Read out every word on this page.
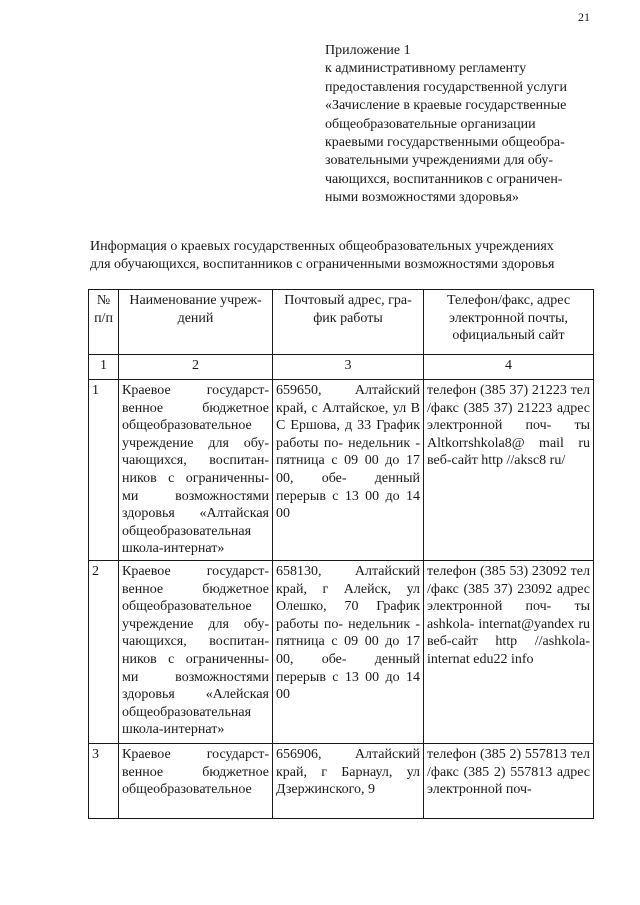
21
Приложение 1
к административному регламенту
предоставления государственной услуги
«Зачисление в краевые государственные
общеобразовательные организации
краевыми государственными общеобра-
зовательными учреждениями для обу-
чающихся, воспитанников с ограничен-
ными возможностями здоровья»
Информация о краевых государственных общеобразовательных учреждениях
для обучающихся, воспитанников с ограниченными возможностями здоровья
№ п/п	Наименование учреж- дений	Почтовый адрес, гра- фик работы	Телефон/факс, адрес электронной почты, официальный сайт
1	2	3	4
1	Краевое государст- венное бюджетное общеобразовательное учреждение для обу- чающихся, воспитан- ников с ограниченны- ми возможностями здоровья «Алтайская общеобразовательная школа-интернат»	659650, Алтайский край, с Алтайское, ул В С Ершова, д 33 График работы по- недельник - пятница с 09 00 до 17 00, обе- денный перерыв с 13 00 до 14 00	телефон (385 37) 21223 тел /факс (385 37) 21223 адрес электронной поч- ты Altkorrshkola8@ mail ru веб-сайт http //aksc8 ru/
2	Краевое государст- венное бюджетное общеобразовательное учреждение для обу- чающихся, воспитан- ников с ограниченны- ми возможностями здоровья «Алейская общеобразовательная школа-интернат»	658130, Алтайский край, г Алейск, ул Олешко, 70 График работы по- недельник - пятница с 09 00 до 17 00, обе- денный перерыв с 13 00 до 14 00	телефон (385 53) 23092 тел /факс (385 37) 23092 адрес электронной поч- ты ashkola- internat@yandex ru веб-сайт http //ashkola- internat edu22 info
3	Краевое государст- венное бюджетное общеобразовательное	656906, Алтайский край, г Барнаул, ул Дзержинского, 9	телефон (385 2) 557813 тел /факс (385 2) 557813 адрес электронной поч-
